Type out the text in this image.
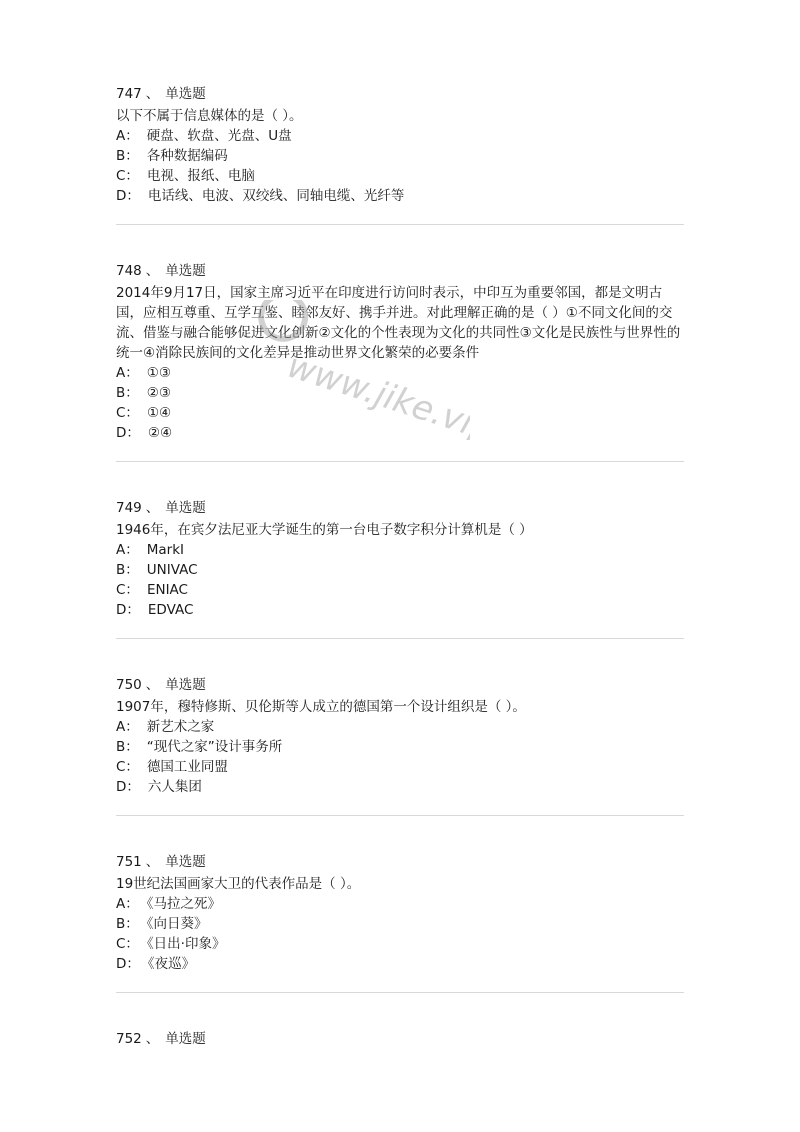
747 、 单选题
以下不属于信息媒体的是（ ）。
A： 硬盘、软盘、光盘、U盘
B： 各种数据编码
C： 电视、报纸、电脑
D： 电话线、电波、双绞线、同轴电缆、光纤等
748 、 单选题
2014年9月17日，国家主席习近平在印度进行访问时表示，中印互为重要邻国，都是文明古国，应相互尊重、互学互鉴、睦邻友好、携手并进。对此理解正确的是（ ）①不同文化间的交流、借鉴与融合能够促进文化创新②文化的个性表现为文化的共同性③文化是民族性与世界性的统一④消除民族间的文化差异是推动世界文化繁荣的必要条件
A： ①③
B： ②③
C： ①④
D： ②④
749 、 单选题
1946年，在宾夕法尼亚大学诞生的第一台电子数字积分计算机是（ ）
A： MarkI
B： UNIVAC
C： ENIAC
D： EDVAC
750 、 单选题
1907年，穆特修斯、贝伦斯等人成立的德国第一个设计组织是（ ）。
A： 新艺术之家
B： “现代之家”设计事务所
C： 德国工业同盟
D： 六人集团
751 、 单选题
19世纪法国画家大卫的代表作品是（ ）。
A： 《马拉之死》
B： 《向日葵》
C： 《日出·印象》
D： 《夜巡》
752 、 单选题
www.jike.vip
